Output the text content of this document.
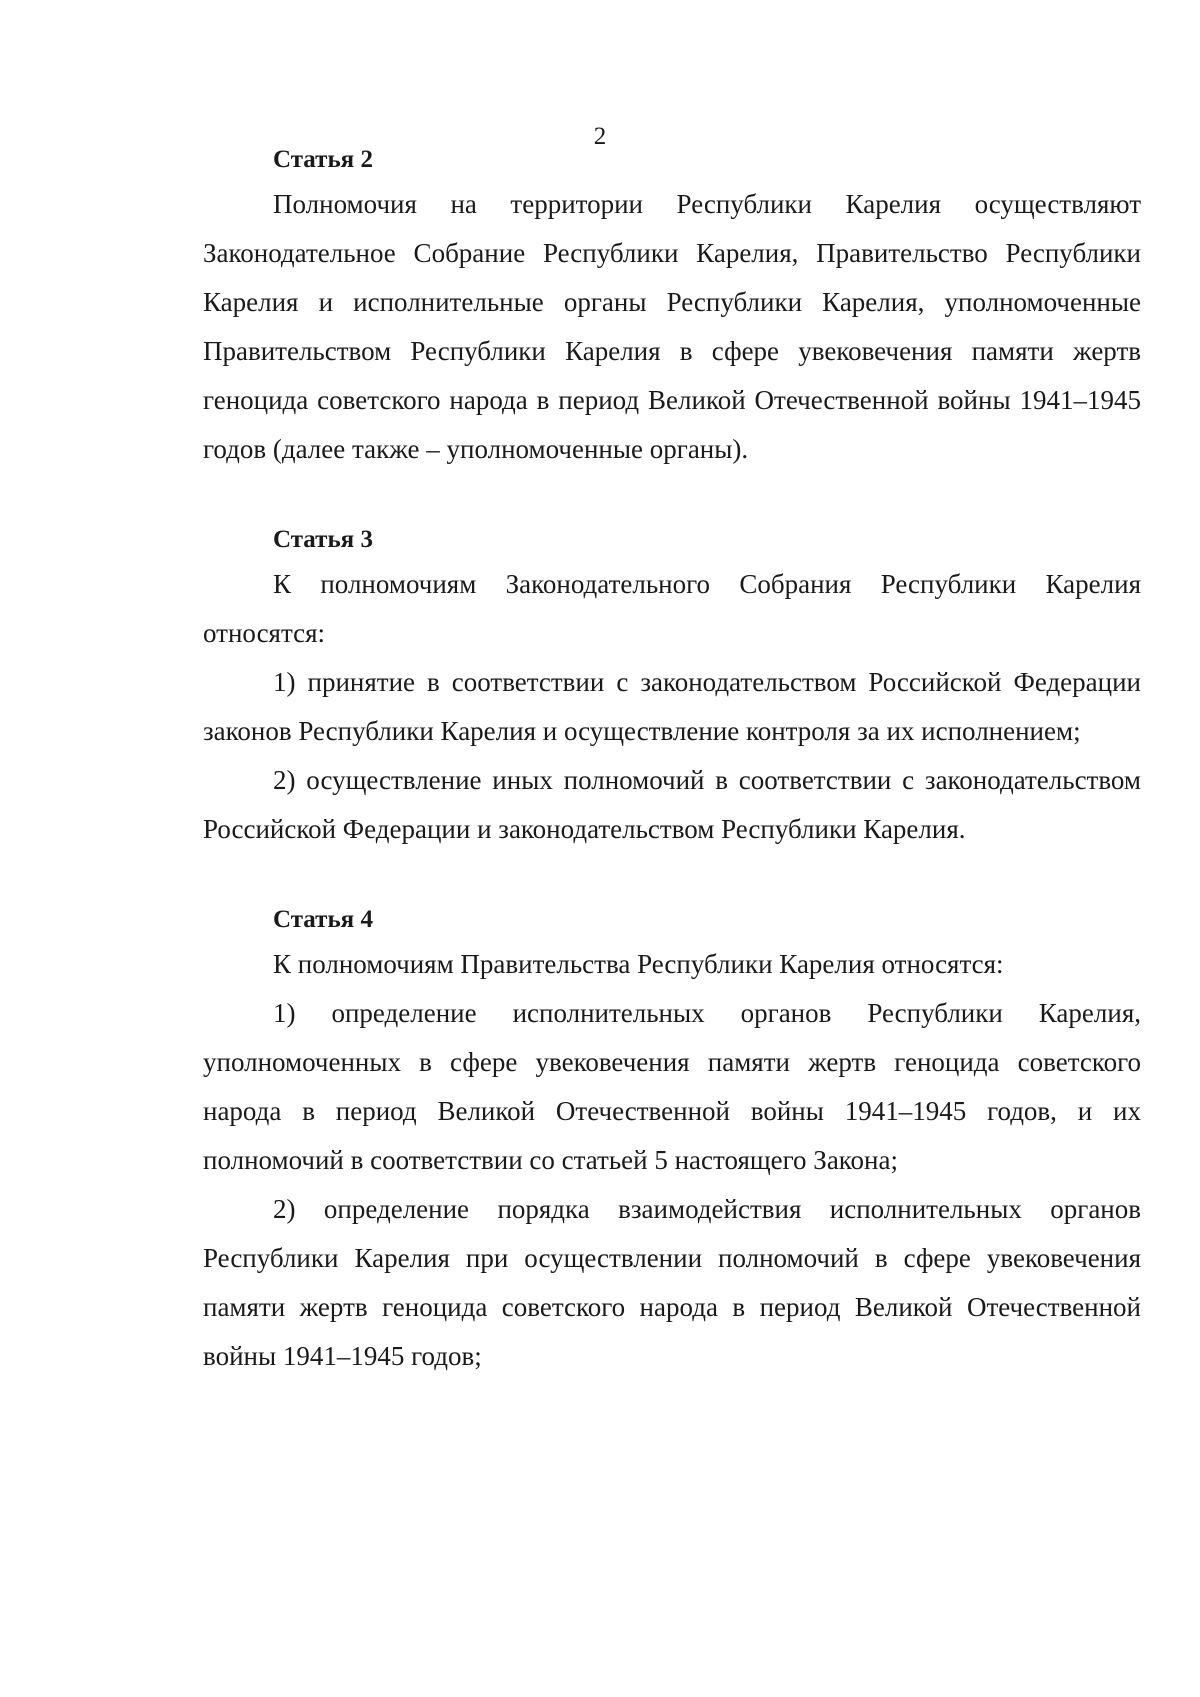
2
Статья 2

Полномочия на территории Республики Карелия осуществляют Законодательное Собрание Республики Карелия, Правительство Республики Карелия и исполнительные органы Республики Карелия, уполномоченные Правительством Республики Карелия в сфере увековечения памяти жертв геноцида советского народа в период Великой Отечественной войны 1941–1945 годов (далее также – уполномоченные органы).

Статья 3

К полномочиям Законодательного Собрания Республики Карелия относятся:

1) принятие в соответствии с законодательством Российской Федерации законов Республики Карелия и осуществление контроля за их исполнением;

2) осуществление иных полномочий в соответствии с законодательством Российской Федерации и законодательством Республики Карелия.

Статья 4

К полномочиям Правительства Республики Карелия относятся:

1) определение исполнительных органов Республики Карелия, уполномоченных в сфере увековечения памяти жертв геноцида советского народа в период Великой Отечественной войны 1941–1945 годов, и их полномочий в соответствии со статьей 5 настоящего Закона;

2) определение порядка взаимодействия исполнительных органов Республики Карелия при осуществлении полномочий в сфере увековечения памяти жертв геноцида советского народа в период Великой Отечественной войны 1941–1945 годов;
